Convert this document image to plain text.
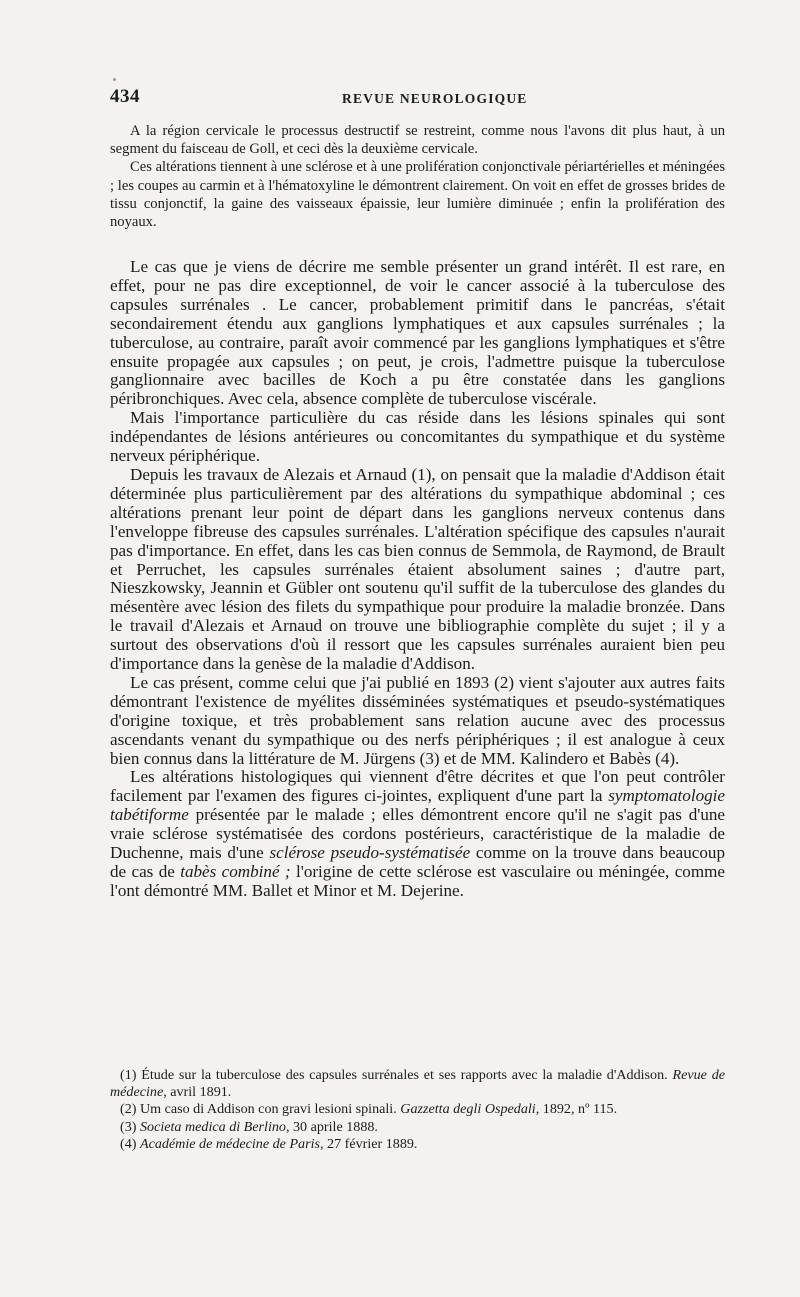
434	REVUE NEUROLOGIQUE

A la région cervicale le processus destructif se restreint, comme nous l'avons dit plus haut, à un segment du faisceau de Goll, et ceci dès la deuxième cervicale.

Ces altérations tiennent à une sclérose et à une prolifération conjonctivale périartérielles et méningées ; les coupes au carmin et à l'hématoxyline le démontrent clairement. On voit en effet de grosses brides de tissu conjonctif, la gaine des vaisseaux épaissie, leur lumière diminuée ; enfin la prolifération des noyaux.

Le cas que je viens de décrire me semble présenter un grand intérêt. Il est rare, en effet, pour ne pas dire exceptionnel, de voir le cancer associé à la tuberculose des capsules surrénales . Le cancer, probablement primitif dans le pancréas, s'était secondairement étendu aux ganglions lymphatiques et aux capsules surrénales ; la tuberculose, au contraire, paraît avoir commencé par les ganglions lymphatiques et s'être ensuite propagée aux capsules ; on peut, je crois, l'admettre puisque la tuberculose ganglionnaire avec bacilles de Koch a pu être constatée dans les ganglions péribronchiques. Avec cela, absence complète de tuberculose viscérale.

Mais l'importance particulière du cas réside dans les lésions spinales qui sont indépendantes de lésions antérieures ou concomitantes du sympathique et du système nerveux périphérique.

Depuis les travaux de Alezais et Arnaud (1), on pensait que la maladie d'Addison était déterminée plus particulièrement par des altérations du sympathique abdominal ; ces altérations prenant leur point de départ dans les ganglions nerveux contenus dans l'enveloppe fibreuse des capsules surrénales. L'altération spécifique des capsules n'aurait pas d'importance. En effet, dans les cas bien connus de Semmola, de Raymond, de Brault et Perruchet, les capsules surrénales étaient absolument saines ; d'autre part, Nieszkowsky, Jeannin et Gübler ont soutenu qu'il suffit de la tuberculose des glandes du mésentère avec lésion des filets du sympathique pour produire la maladie bronzée. Dans le travail d'Alezais et Arnaud on trouve une bibliographie complète du sujet ; il y a surtout des observations d'où il ressort que les capsules surrénales auraient bien peu d'importance dans la genèse de la maladie d'Addison.

Le cas présent, comme celui que j'ai publié en 1893 (2) vient s'ajouter aux autres faits démontrant l'existence de myélites disséminées systématiques et pseudo-systématiques d'origine toxique, et très probablement sans relation aucune avec des processus ascendants venant du sympathique ou des nerfs périphériques ; il est analogue à ceux bien connus dans la littérature de M. Jürgens (3) et de MM. Kalindero et Babès (4).

Les altérations histologiques qui viennent d'être décrites et que l'on peut contrôler facilement par l'examen des figures ci-jointes, expliquent d'une part la symptomatologie tabétiforme présentée par le malade ; elles démontrent encore qu'il ne s'agit pas d'une vraie sclérose systématisée des cordons postérieurs, caractéristique de la maladie de Duchenne, mais d'une sclérose pseudo-systématisée comme on la trouve dans beaucoup de cas de tabès combiné ; l'origine de cette sclérose est vasculaire ou méningée, comme l'ont démontré MM. Ballet et Minor et M. Dejerine.

(1) Étude sur la tuberculose des capsules surrénales et ses rapports avec la maladie d'Addison. Revue de médecine, avril 1891.

(2) Um caso di Addison con gravi lesioni spinali. Gazzetta degli Ospedali, 1892, nº 115.

(3) Societa medica di Berlino, 30 aprile 1888.

(4) Académie de médecine de Paris, 27 février 1889.
